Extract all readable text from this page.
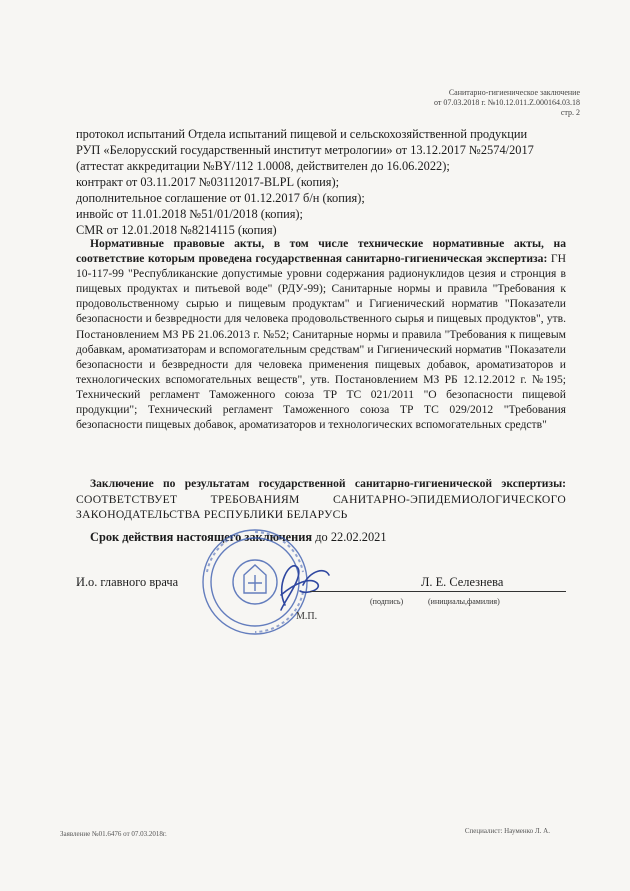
Санитарно-гигиеническое заключение
от 07.03.2018 г. №10.12.011.Z.000164.03.18
стр. 2
протокол испытаний Отдела испытаний пищевой и сельскохозяйственной продукции
РУП «Белорусский государственный институт метрологии» от 13.12.2017 №2574/2017
(аттестат аккредитации №BY/112 1.0008, действителен до 16.06.2022);
контракт от 03.11.2017 №03112017-BLPL (копия);
дополнительное соглашение от 01.12.2017 б/н (копия);
инвойс от 11.01.2018 №51/01/2018 (копия);
CMR от 12.01.2018 №8214115 (копия)
Нормативные правовые акты, в том числе технические нормативные акты, на соответствие которым проведена государственная санитарно-гигиеническая экспертиза: ГН 10-117-99 "Республиканские допустимые уровни содержания радионуклидов цезия и стронция в пищевых продуктах и питьевой воде" (РДУ-99); Санитарные нормы и правила "Требования к продовольственному сырью и пищевым продуктам" и Гигиенический норматив "Показатели безопасности и безвредности для человека продовольственного сырья и пищевых продуктов", утв. Постановлением МЗ РБ 21.06.2013 г. №52; Санитарные нормы и правила "Требования к пищевым добавкам, ароматизаторам и вспомогательным средствам" и Гигиенический норматив "Показатели безопасности и безвредности для человека применения пищевых добавок, ароматизаторов и технологических вспомогательных веществ", утв. Постановлением МЗ РБ 12.12.2012 г. №195; Технический регламент Таможенного союза ТР ТС 021/2011 "О безопасности пищевой продукции"; Технический регламент Таможенного союза ТР ТС 029/2012 "Требования безопасности пищевых добавок, ароматизаторов и технологических вспомогательных средств"
Заключение по результатам государственной санитарно-гигиенической экспертизы: СООТВЕТСТВУЕТ ТРЕБОВАНИЯМ САНИТАРНО-ЭПИДЕМИОЛОГИЧЕСКОГО ЗАКОНОДАТЕЛЬСТВА РЕСПУБЛИКИ БЕЛАРУСЬ
Срок действия настоящего заключения до 22.02.2021
И.о. главного врача
(подпись)
М.П.
Л. Е. Селезнева
(инициалы,фамилия)
Заявление №01.6476 от 07.03.2018г.	Специалист: Науменко Л. А.
